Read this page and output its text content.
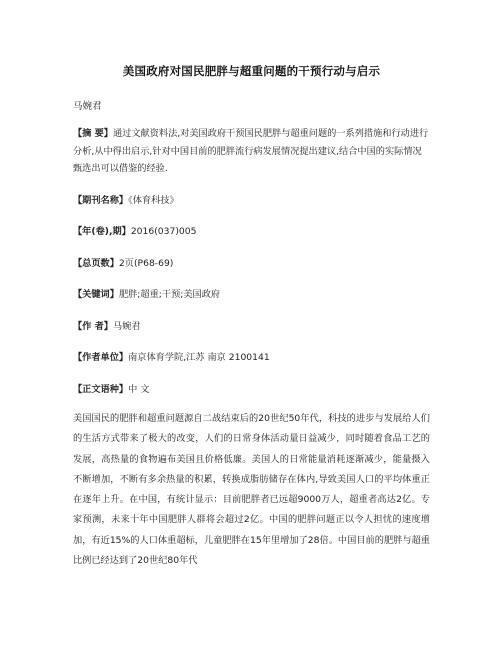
美国政府对国民肥胖与超重问题的干预行动与启示
马婉君
【摘 要】通过文献资料法,对美国政府干预国民肥胖与超重问题的一系列措施和行动进行分析,从中得出启示,针对中国目前的肥胖流行病发展情况提出建议,结合中国的实际情况甄选出可以借鉴的经验.
【期刊名称】《体育科技》
【年(卷),期】2016(037)005
【总页数】2页(P68-69)
【关键词】肥胖;超重;干预;美国政府
【作 者】马婉君
【作者单位】南京体育学院,江苏 南京 2100141
【正文语种】中 文

美国国民的肥胖和超重问题源自二战结束后的20世纪50年代，科技的进步与发展给人们的生活方式带来了极大的改变，人们的日常身体活动量日益减少，同时随着食品工艺的发展，高热量的食物遍布美国且价格低廉。美国人的日常能量消耗逐渐减少，能量摄入不断增加，不断有多余热量的积累，转换成脂肪储存在体内,导致美国人口的平均体重正在逐年上升。在中国，有统计显示：目前肥胖者已远超9000万人，超重者高达2亿。专家预测，未来十年中国肥胖人群将会超过2亿。中国的肥胖问题正以令人担忧的速度增加，有近15%的人口体重超标，儿童肥胖在15年里增加了28倍。中国目前的肥胖与超重比例已经达到了20世纪80年代
